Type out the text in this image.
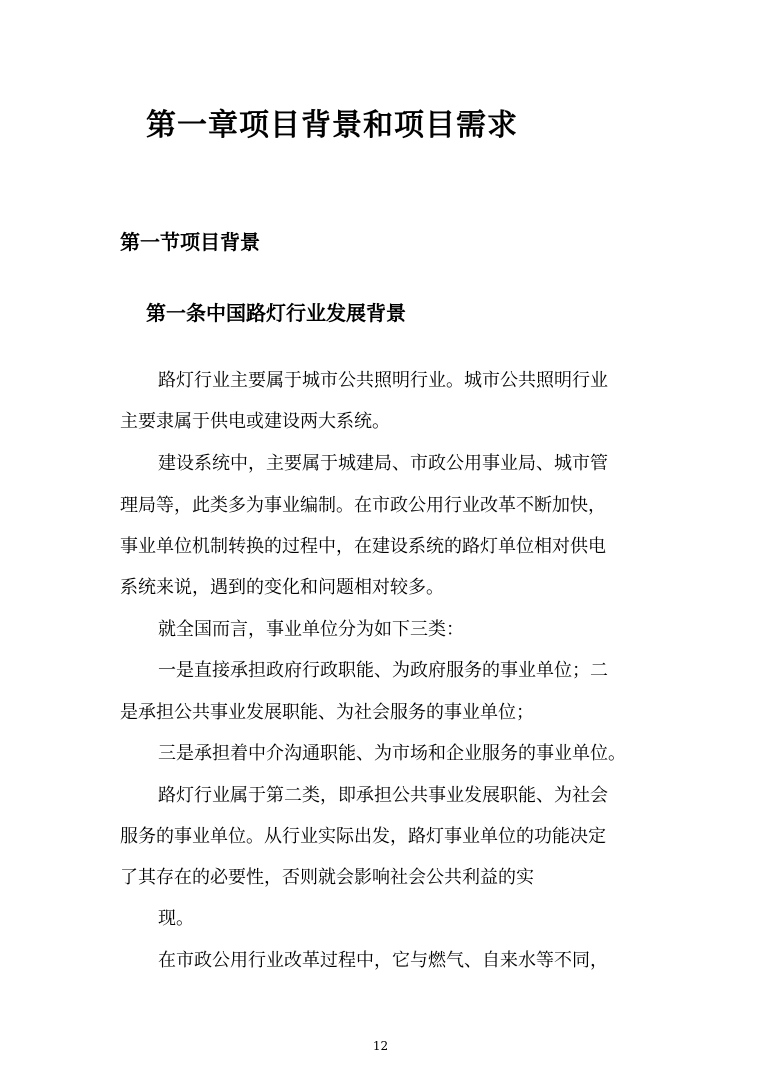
第一章项目背景和项目需求
第一节项目背景
第一条中国路灯行业发展背景
路灯行业主要属于城市公共照明行业。城市公共照明行业
主要隶属于供电或建设两大系统。
建设系统中，主要属于城建局、市政公用事业局、城市管
理局等，此类多为事业编制。在市政公用行业改革不断加快，
事业单位机制转换的过程中，在建设系统的路灯单位相对供电
系统来说，遇到的变化和问题相对较多。
就全国而言，事业单位分为如下三类：
一是直接承担政府行政职能、为政府服务的事业单位；二
是承担公共事业发展职能、为社会服务的事业单位；
三是承担着中介沟通职能、为市场和企业服务的事业单位。
路灯行业属于第二类，即承担公共事业发展职能、为社会
服务的事业单位。从行业实际出发，路灯事业单位的功能决定
了其存在的必要性，否则就会影响社会公共利益的实
现。
在市政公用行业改革过程中，它与燃气、自来水等不同，
12
